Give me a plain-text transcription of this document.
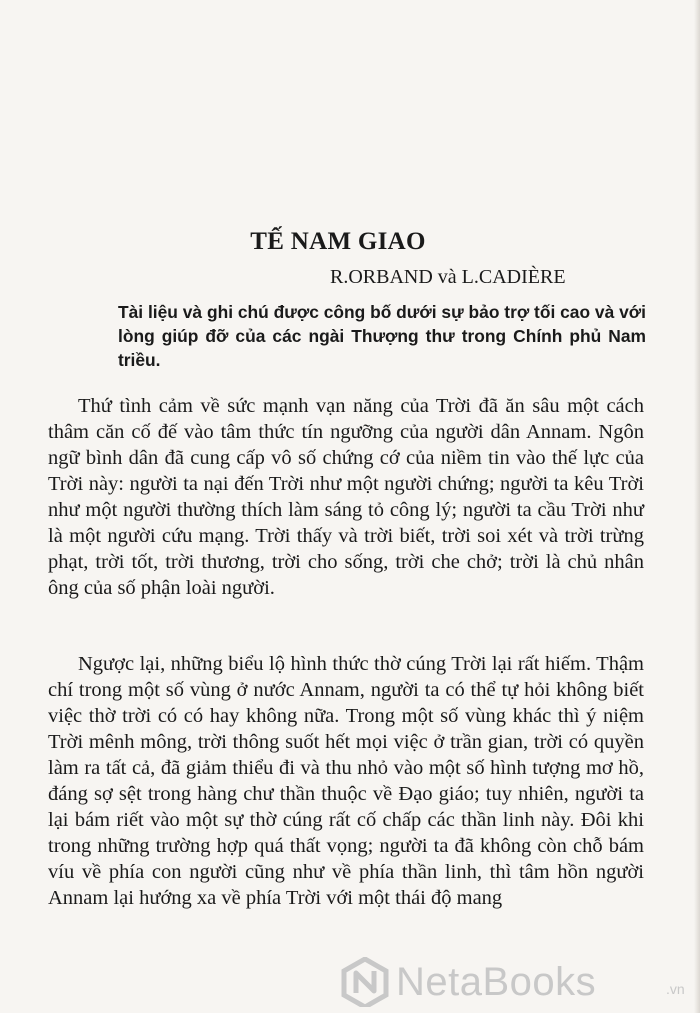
TẾ NAM GIAO

R.ORBAND và L.CADIÈRE

Tài liệu và ghi chú được công bố dưới sự bảo trợ tối cao và với lòng giúp đỡ của các ngài Thượng thư trong Chính phủ Nam triều.

Thứ tình cảm về sức mạnh vạn năng của Trời đã ăn sâu một cách thâm căn cố đế vào tâm thức tín ngưỡng của người dân Annam. Ngôn ngữ bình dân đã cung cấp vô số chứng cớ của niềm tin vào thế lực của Trời này: người ta nại đến Trời như một người chứng; người ta kêu Trời như một người thường thích làm sáng tỏ công lý; người ta cầu Trời như là một người cứu mạng. Trời thấy và trời biết, trời soi xét và trời trừng phạt, trời tốt, trời thương, trời cho sống, trời che chở; trời là chủ nhân ông của số phận loài người.

Ngược lại, những biểu lộ hình thức thờ cúng Trời lại rất hiếm. Thậm chí trong một số vùng ở nước Annam, người ta có thể tự hỏi không biết việc thờ trời có có hay không nữa. Trong một số vùng khác thì ý niệm Trời mênh mông, trời thông suốt hết mọi việc ở trần gian, trời có quyền làm ra tất cả, đã giảm thiểu đi và thu nhỏ vào một số hình tượng mơ hồ, đáng sợ sệt trong hàng chư thần thuộc về Đạo giáo; tuy nhiên, người ta lại bám riết vào một sự thờ cúng rất cố chấp các thần linh này. Đôi khi trong những trường hợp quá thất vọng; người ta đã không còn chỗ bám víu về phía con người cũng như về phía thần linh, thì tâm hồn người Annam lại hướng xa về phía Trời với một thái độ mang

NetaBooks	.vn
